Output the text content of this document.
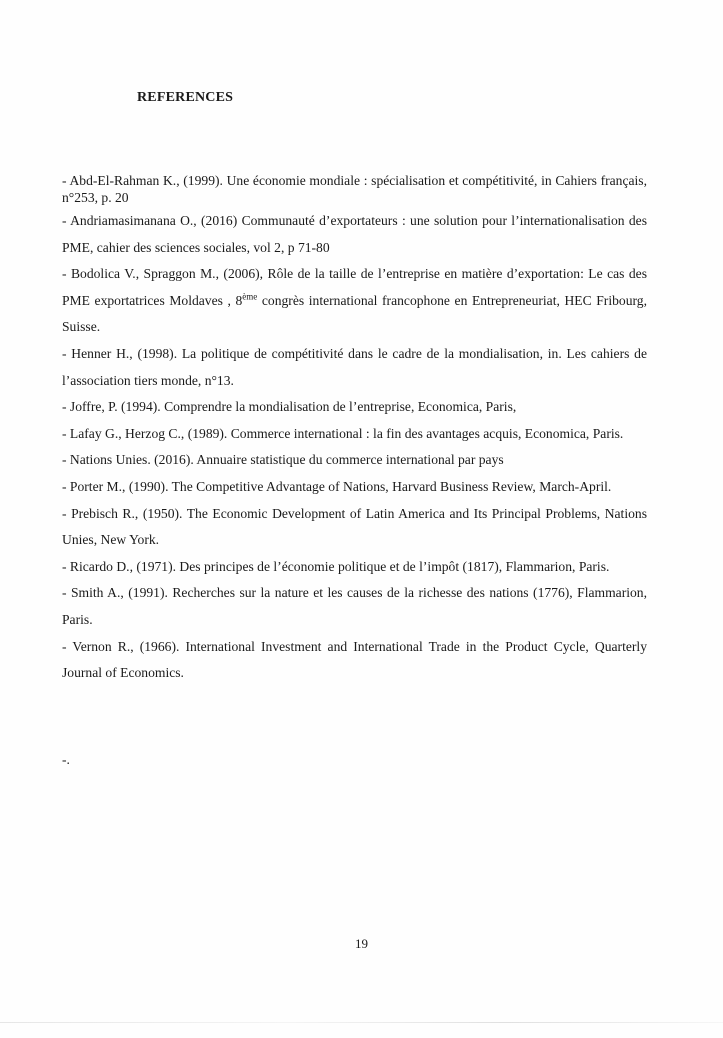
REFERENCES
- Abd-El-Rahman K., (1999). Une économie mondiale : spécialisation et compétitivité, in Cahiers français, n°253, p. 20
- Andriamasimanana O., (2016) Communauté d’exportateurs : une solution pour l’internationalisation des PME, cahier des sciences sociales, vol 2, p 71-80
- Bodolica V., Spraggon M., (2006), Rôle de la taille de l’entreprise en matière d’exportation: Le cas des PME exportatrices Moldaves , 8ème congrès international francophone en Entrepreneuriat, HEC Fribourg, Suisse.
- Henner H., (1998). La politique de compétitivité dans le cadre de la mondialisation, in. Les cahiers de l’association tiers monde, n°13.
- Joffre, P. (1994). Comprendre la mondialisation de l’entreprise, Economica, Paris,
- Lafay G., Herzog C., (1989). Commerce international : la fin des avantages acquis, Economica, Paris.
- Nations Unies. (2016). Annuaire statistique du commerce international par pays
- Porter M., (1990). The Competitive Advantage of Nations, Harvard Business Review, March-April.
- Prebisch R., (1950). The Economic Development of Latin America and Its Principal Problems, Nations Unies, New York.
- Ricardo D., (1971). Des principes de l’économie politique et de l’impôt (1817), Flammarion, Paris.
- Smith A., (1991). Recherches sur la nature et les causes de la richesse des nations (1776), Flammarion, Paris.
- Vernon R., (1966). International Investment and International Trade in the Product Cycle, Quarterly Journal of Economics.
-.
19
